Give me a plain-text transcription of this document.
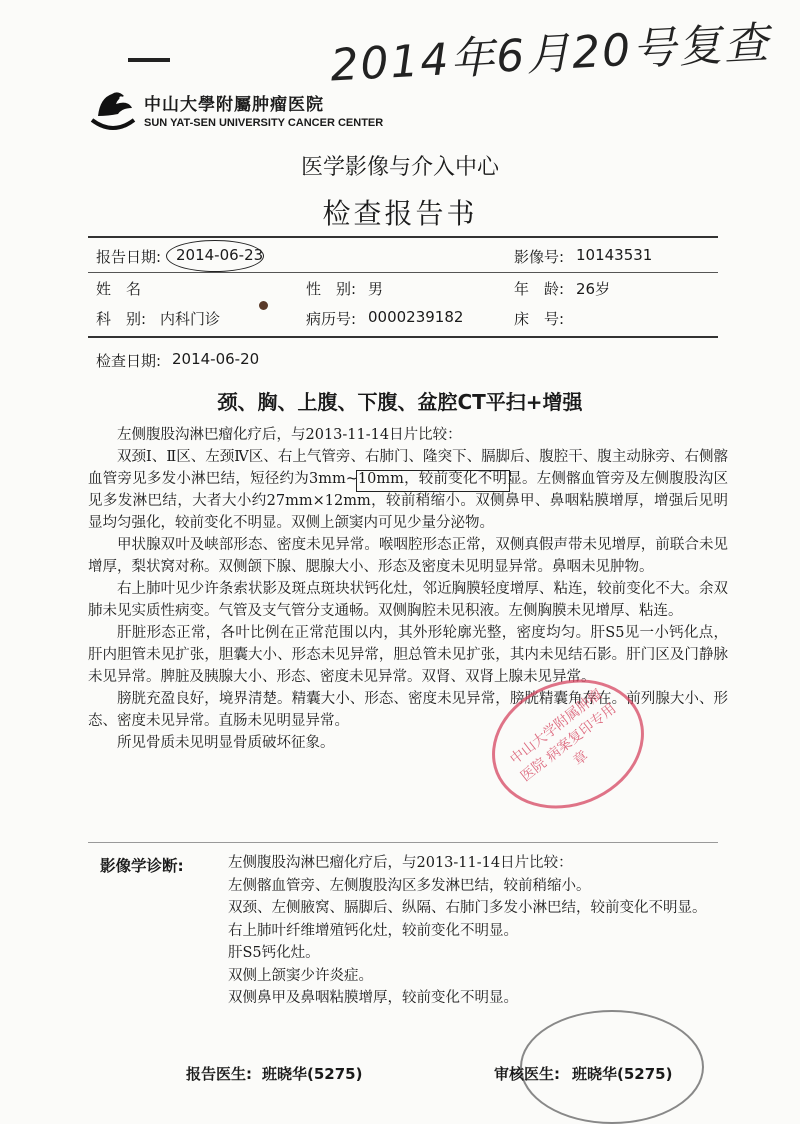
2014年6月20号复查
中山大學附屬肿瘤医院
SUN YAT-SEN UNIVERSITY CANCER CENTER
医学影像与介入中心
检查报告书
报告日期: 2014-06-23	影像号: 10143531
姓　名	性　别: 男	年　龄: 26岁
科　别: 内科门诊	病历号: 0000239182	床　号:
检查日期: 2014-06-20
颈、胸、上腹、下腹、盆腔CT平扫+增强

左侧腹股沟淋巴瘤化疗后，与2013-11-14日片比较：

双颈Ⅰ、Ⅱ区、左颈Ⅳ区、右上气管旁、右肺门、隆突下、膈脚后、腹腔干、腹主动脉旁、右侧髂血管旁见多发小淋巴结，短径约为3mm~10mm，较前变化不明显。左侧髂血管旁及左侧腹股沟区见多发淋巴结，大者大小约27mm×12mm，较前稍缩小。双侧鼻甲、鼻咽粘膜增厚，增强后见明显均匀强化，较前变化不明显。双侧上颌窦内可见少量分泌物。

甲状腺双叶及峡部形态、密度未见异常。喉咽腔形态正常，双侧真假声带未见增厚，前联合未见增厚，梨状窝对称。双侧颌下腺、腮腺大小、形态及密度未见明显异常。鼻咽未见肿物。

右上肺叶见少许条索状影及斑点斑块状钙化灶，邻近胸膜轻度增厚、粘连，较前变化不大。余双肺未见实质性病变。气管及支气管分支通畅。双侧胸腔未见积液。左侧胸膜未见增厚、粘连。

肝脏形态正常，各叶比例在正常范围以内，其外形轮廓光整，密度均匀。肝S5见一小钙化点，肝内胆管未见扩张，胆囊大小、形态未见异常，胆总管未见扩张，其内未见结石影。肝门区及门静脉未见异常。脾脏及胰腺大小、形态、密度未见异常。双肾、双肾上腺未见异常。

膀胱充盈良好，境界清楚。精囊大小、形态、密度未见异常，膀胱精囊角存在。前列腺大小、形态、密度未见异常。直肠未见明显异常。

所见骨质未见明显骨质破坏征象。	中山大学附属肿瘤医院 病案复印专用章
影像学诊断:	左侧腹股沟淋巴瘤化疗后，与2013-11-14日片比较：
左侧髂血管旁、左侧腹股沟区多发淋巴结，较前稍缩小。
双颈、左侧腋窝、膈脚后、纵隔、右肺门多发小淋巴结，较前变化不明显。
右上肺叶纤维增殖钙化灶，较前变化不明显。
肝S5钙化灶。
双侧上颌窦少许炎症。
双侧鼻甲及鼻咽粘膜增厚，较前变化不明显。
报告医生: 班晓华(5275)	审核医生: 班晓华(5275)
